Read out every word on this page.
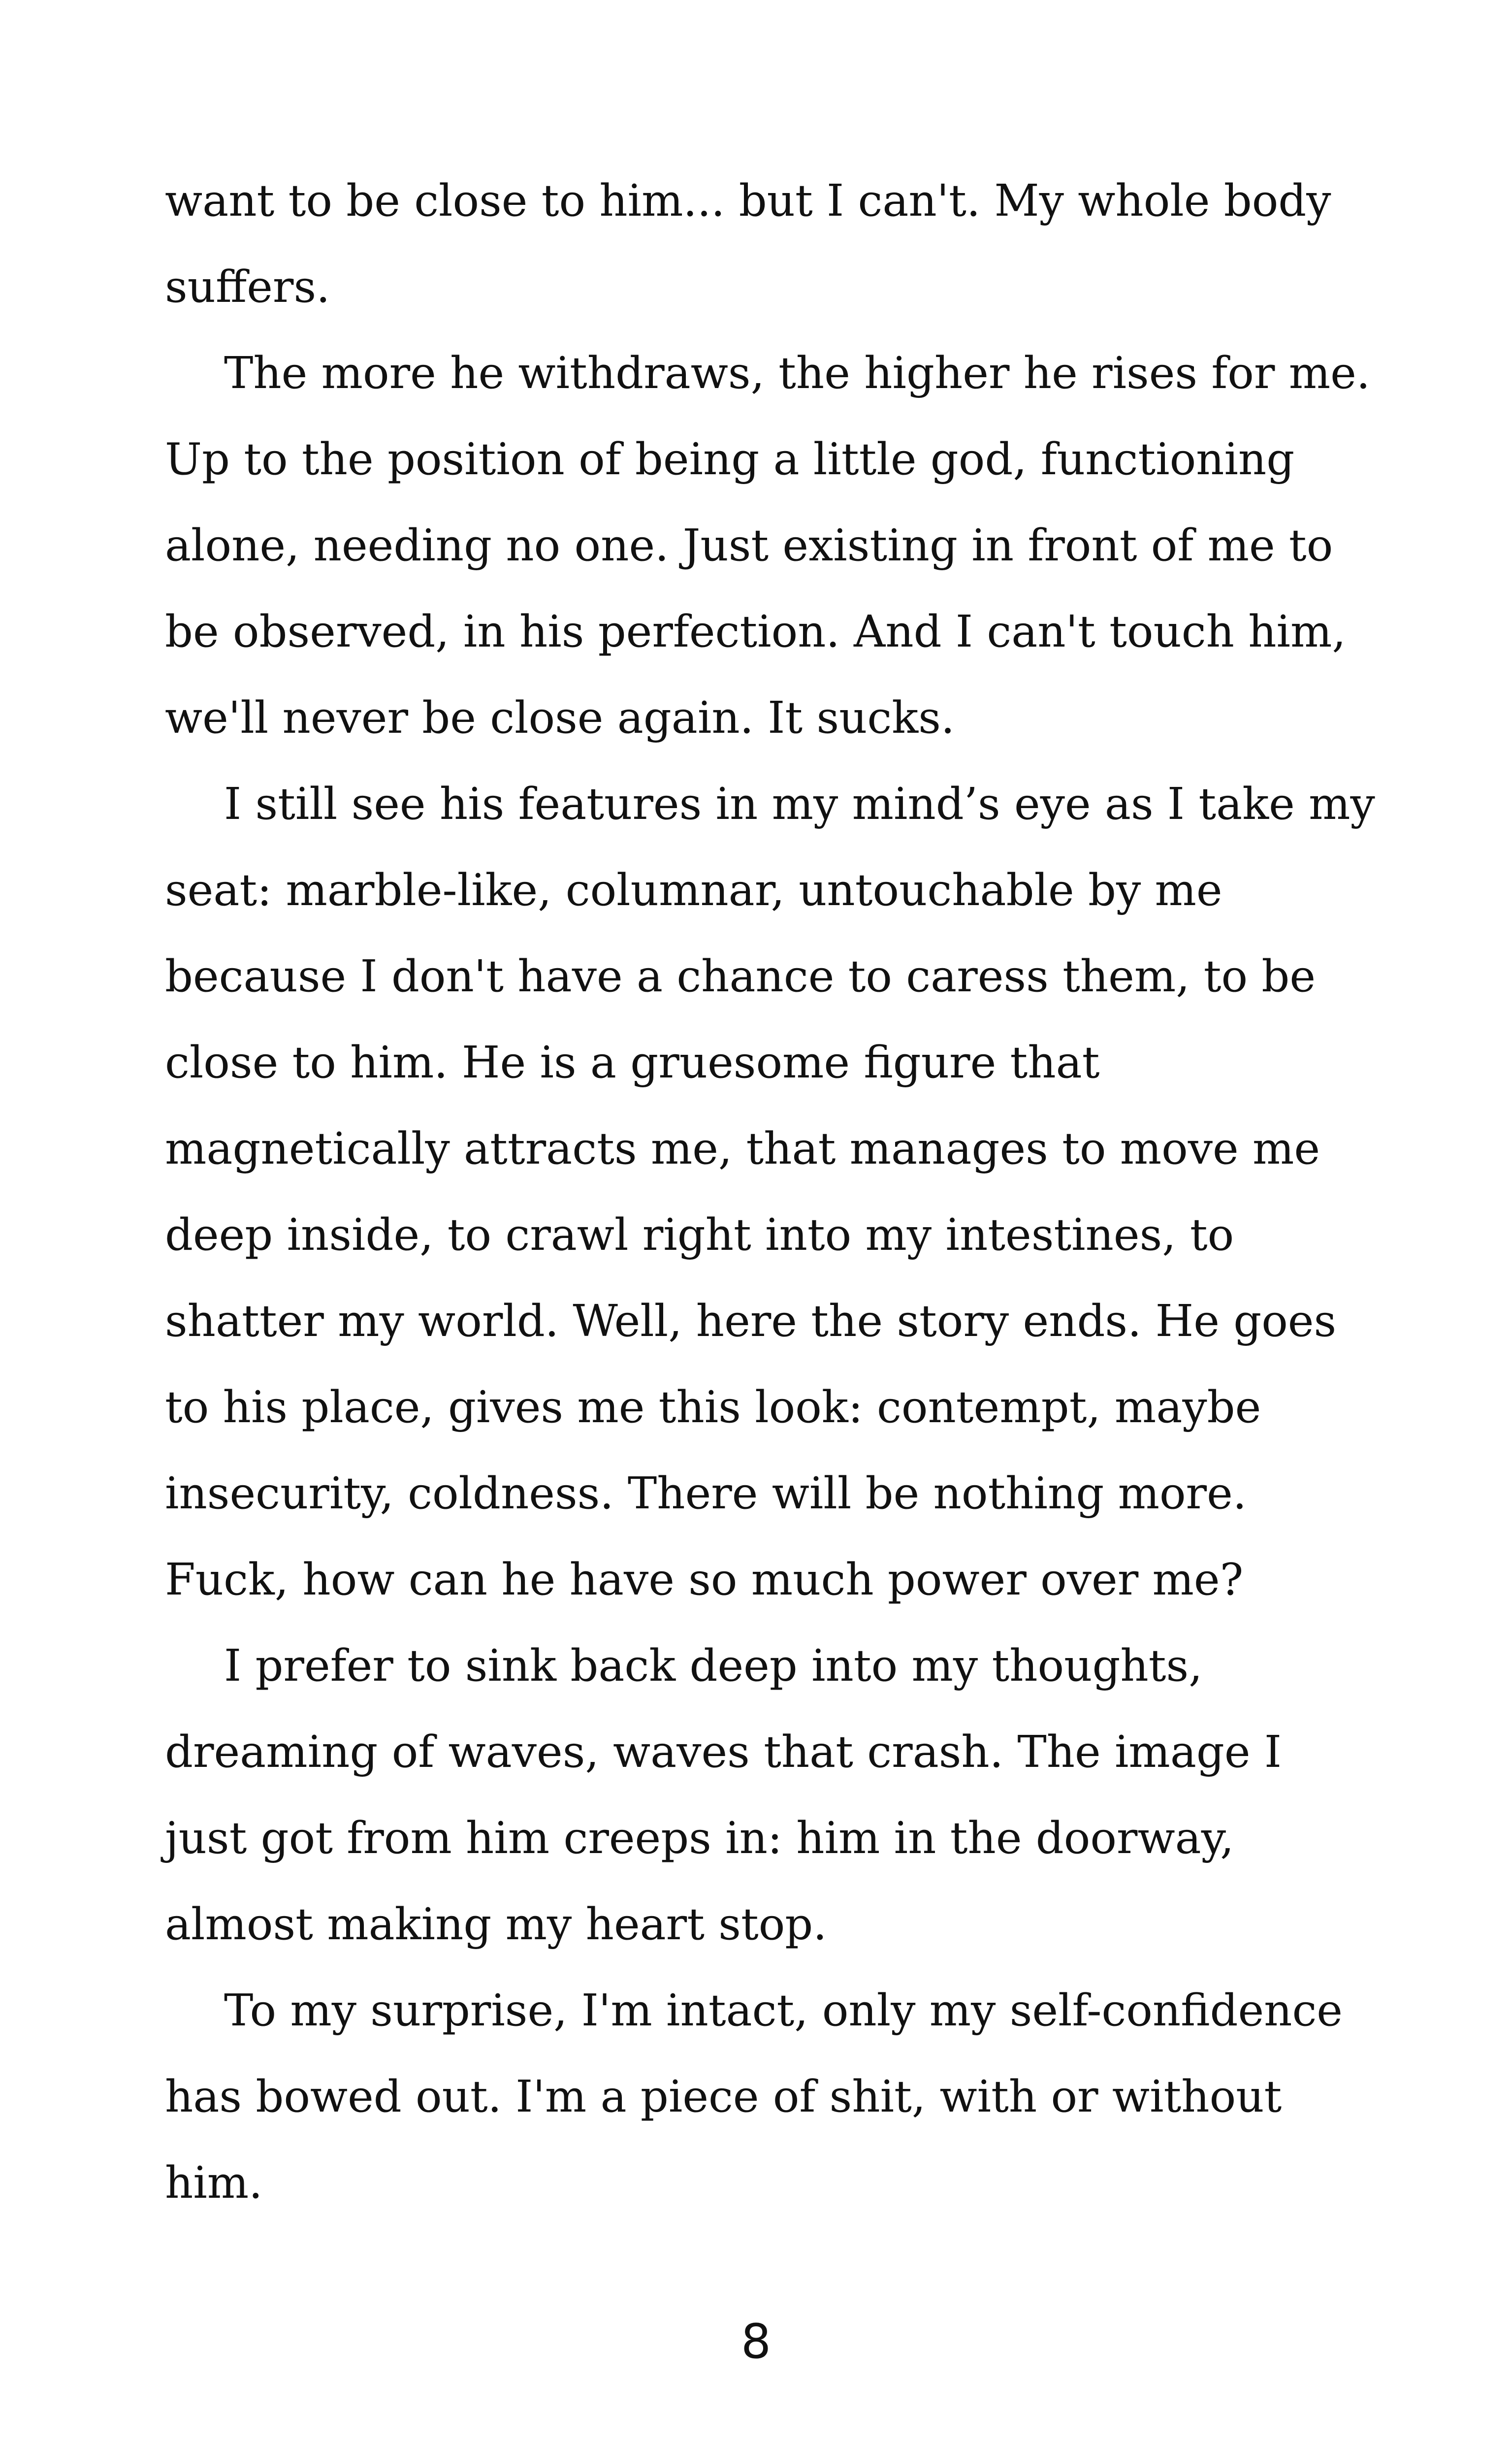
want to be close to him... but I can't. My whole body suffers.

The more he withdraws, the higher he rises for me. Up to the position of being a little god, functioning alone, needing no one. Just existing in front of me to be observed, in his perfection. And I can't touch him, we'll never be close again. It sucks.

I still see his features in my mind’s eye as I take my seat: marble-like, columnar, untouchable by me because I don't have a chance to caress them, to be close to him. He is a gruesome figure that magnetically attracts me, that manages to move me deep inside, to crawl right into my intestines, to shatter my world. Well, here the story ends. He goes to his place, gives me this look: contempt, maybe insecurity, coldness. There will be nothing more. Fuck, how can he have so much power over me?

I prefer to sink back deep into my thoughts, dreaming of waves, waves that crash. The image I just got from him creeps in: him in the doorway, almost making my heart stop.

To my surprise, I'm intact, only my self-confidence has bowed out. I'm a piece of shit, with or without him.

8
